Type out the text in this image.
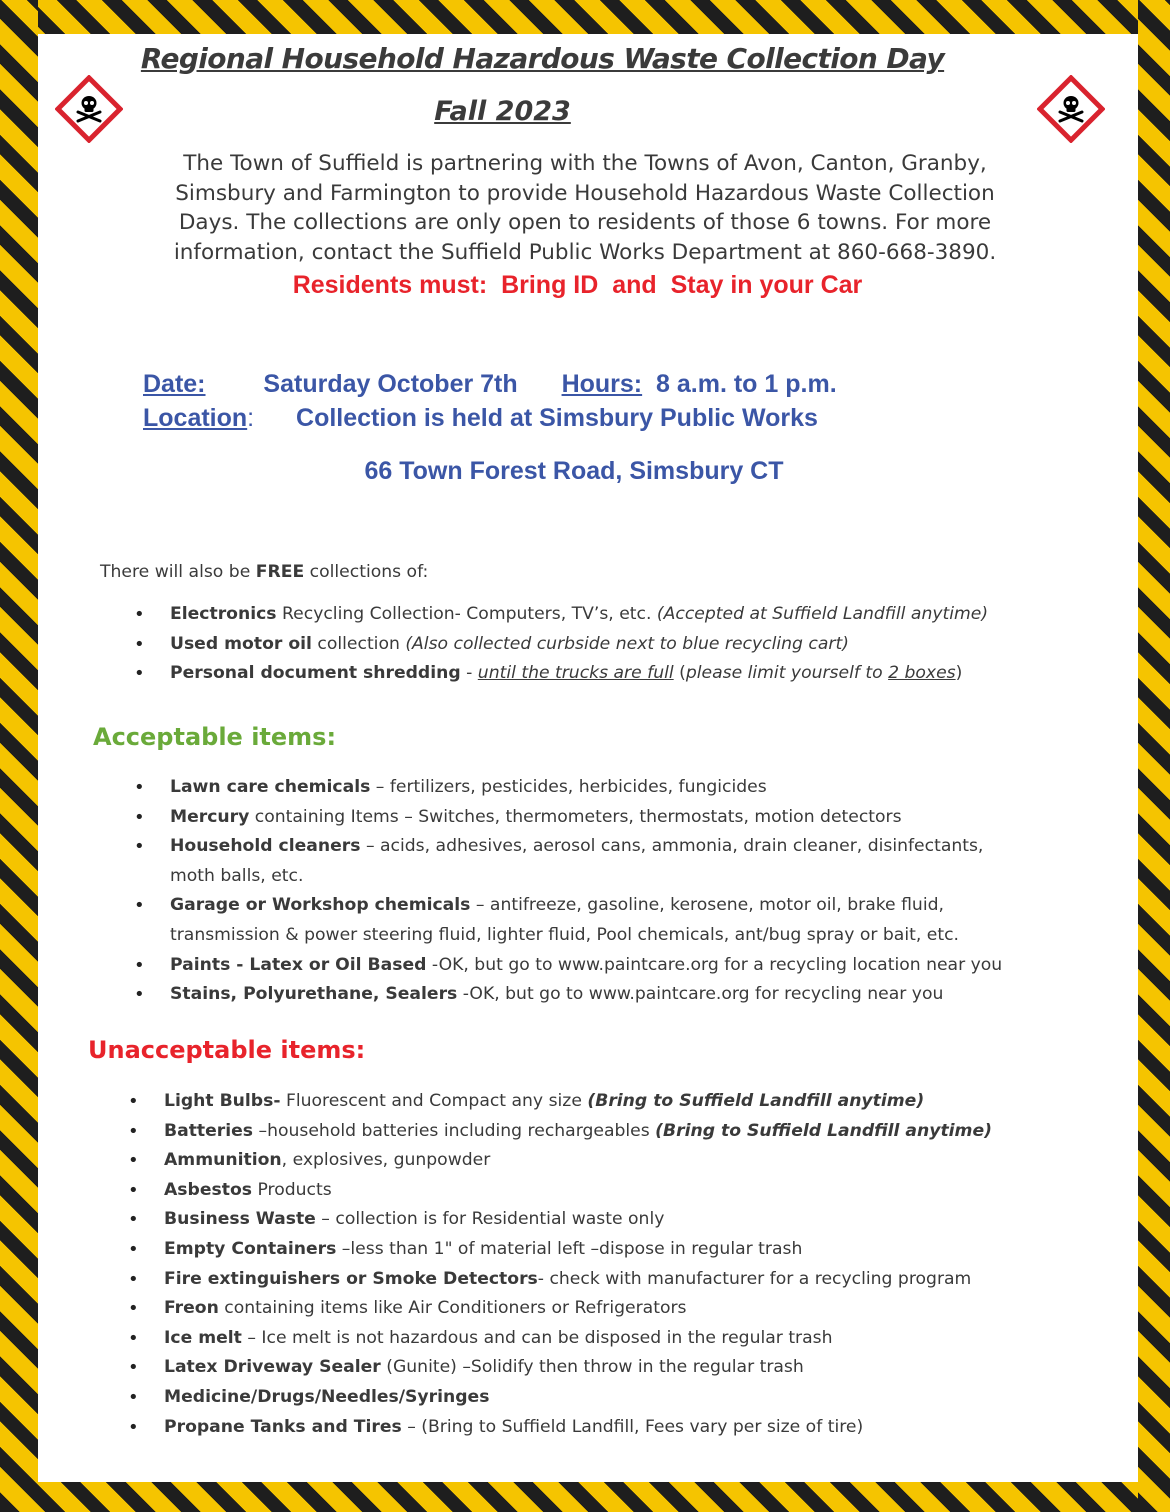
Regional Household Hazardous Waste Collection Day
Fall 2023
The Town of Suffield is partnering with the Towns of Avon, Canton, Granby,
Simsbury and Farmington to provide Household Hazardous Waste Collection
Days. The collections are only open to residents of those 6 towns. For more
information, contact the Suffield Public Works Department at 860-668-3890.
Residents must: Bring ID and Stay in your Car
Date: Saturday October 7th Hours: 8 a.m. to 1 p.m.
Location: Collection is held at Simsbury Public Works
66 Town Forest Road, Simsbury CT
There will also be FREE collections of:
• Electronics Recycling Collection- Computers, TV’s, etc. (Accepted at Suffield Landfill anytime)
• Used motor oil collection (Also collected curbside next to blue recycling cart)
• Personal document shredding - until the trucks are full (please limit yourself to 2 boxes)
Acceptable items:
• Lawn care chemicals – fertilizers, pesticides, herbicides, fungicides
• Mercury containing Items – Switches, thermometers, thermostats, motion detectors
• Household cleaners – acids, adhesives, aerosol cans, ammonia, drain cleaner, disinfectants,
moth balls, etc.
• Garage or Workshop chemicals – antifreeze, gasoline, kerosene, motor oil, brake fluid,
transmission & power steering fluid, lighter fluid, Pool chemicals, ant/bug spray or bait, etc.
• Paints - Latex or Oil Based -OK, but go to www.paintcare.org for a recycling location near you
• Stains, Polyurethane, Sealers -OK, but go to www.paintcare.org for recycling near you
Unacceptable items:
• Light Bulbs- Fluorescent and Compact any size (Bring to Suffield Landfill anytime)
• Batteries –household batteries including rechargeables (Bring to Suffield Landfill anytime)
• Ammunition, explosives, gunpowder
• Asbestos Products
• Business Waste – collection is for Residential waste only
• Empty Containers –less than 1" of material left –dispose in regular trash
• Fire extinguishers or Smoke Detectors- check with manufacturer for a recycling program
• Freon containing items like Air Conditioners or Refrigerators
• Ice melt – Ice melt is not hazardous and can be disposed in the regular trash
• Latex Driveway Sealer (Gunite) –Solidify then throw in the regular trash
• Medicine/Drugs/Needles/Syringes
• Propane Tanks and Tires – (Bring to Suffield Landfill, Fees vary per size of tire)
